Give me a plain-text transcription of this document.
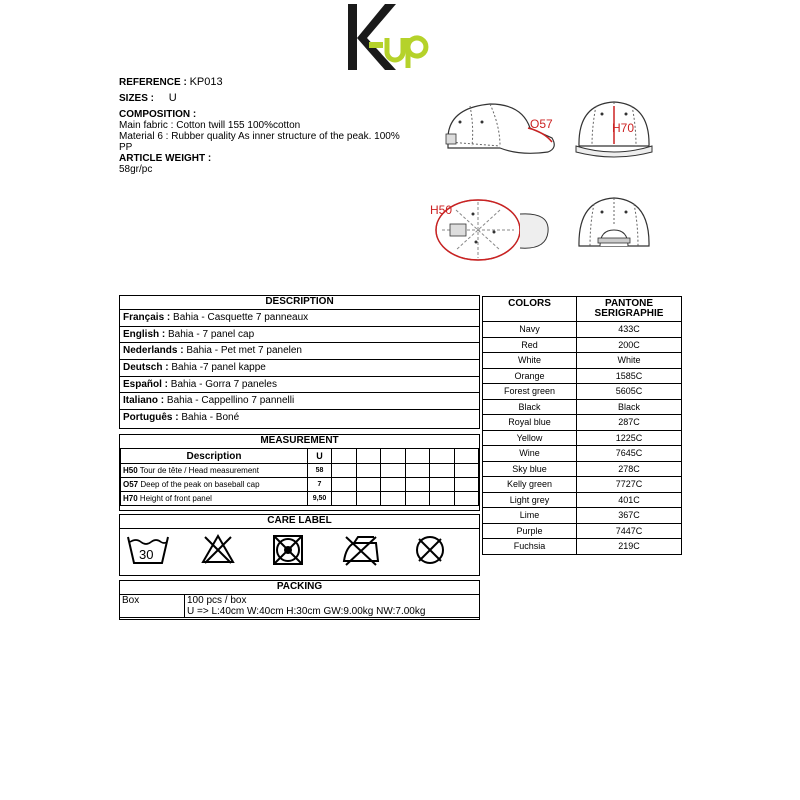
REFERENCE : KP013
SIZES : U
COMPOSITION :
Main fabric : Cotton twill 155 100%cotton
Material 6 : Rubber quality As inner structure of the peak. 100%
PP
ARTICLE WEIGHT :
58gr/pc
O57	H70
H50
DESCRIPTION
Français : Bahia - Casquette 7 panneaux
English : Bahia - 7 panel cap
Nederlands : Bahia - Pet met 7 panelen
Deutsch : Bahia -7 panel kappe
Español : Bahia - Gorra 7 paneles
Italiano : Bahia - Cappellino 7 pannelli
Português : Bahia - Boné
MEASUREMENT
Description	U						
H50 Tour de tête / Head measurement	58						
O57 Deep of the peak on baseball cap	7						
H70 Height of front panel	9,50						
CARE LABEL
30
PACKING
Box	100 pcs / box
U => L:40cm W:40cm H:30cm GW:9.00kg NW:7.00kg
COLORS	PANTONE
SERIGRAPHIE
Navy	433C
Red	200C
White	White
Orange	1585C
Forest green	5605C
Black	Black
Royal blue	287C
Yellow	1225C
Wine	7645C
Sky blue	278C
Kelly green	7727C
Light grey	401C
Lime	367C
Purple	7447C
Fuchsia	219C
